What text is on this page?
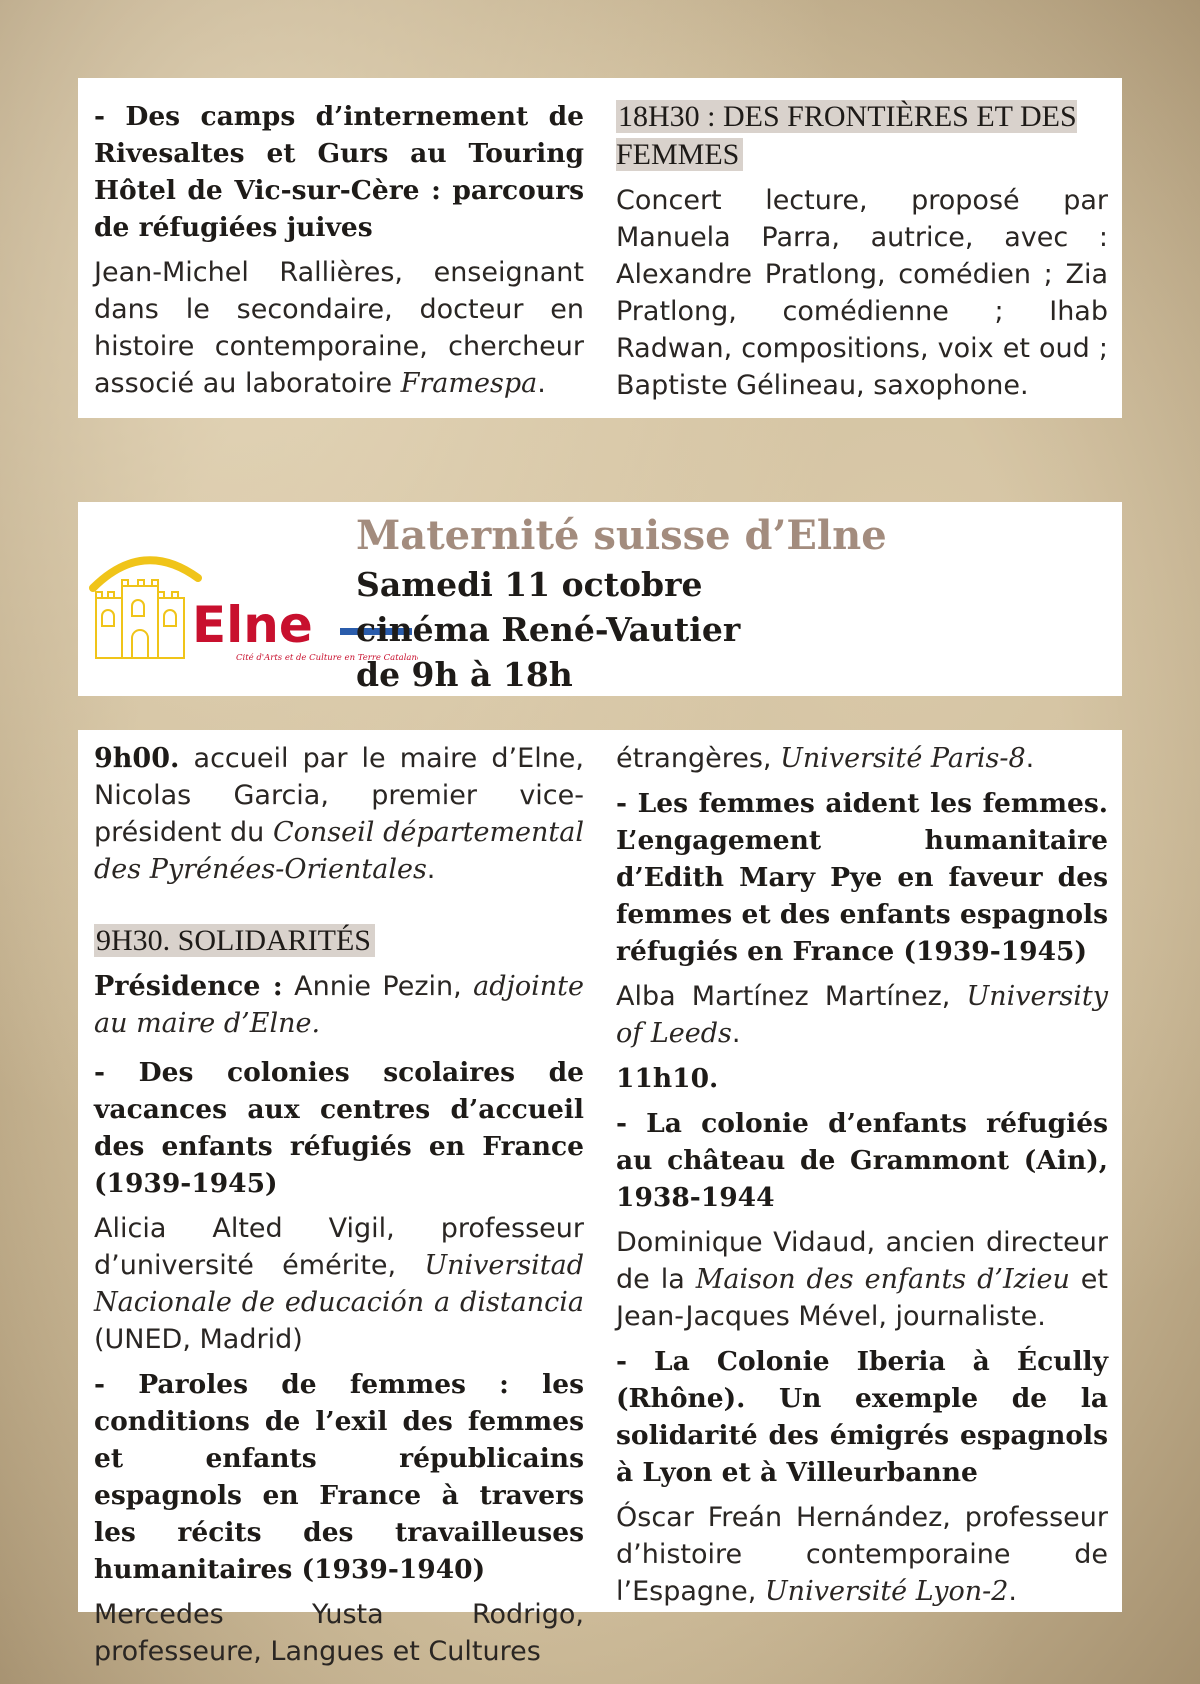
- Des camps d’internement de Rivesaltes et Gurs au Touring Hôtel de Vic-sur-Cère : parcours de réfugiées juives

Jean-Michel Rallières, enseignant dans le secondaire, docteur en histoire contemporaine, chercheur associé au laboratoire Framespa.

18H30 : DES FRONTIÈRES ET DES FEMMES

Concert lecture, proposé par Manuela Parra, autrice, avec : Alexandre Pratlong, comédien ; Zia Pratlong, comédienne ; Ihab Radwan, compositions, voix et oud ; Baptiste Gélineau, saxophone.

Elne
Cité d'Arts et de Culture en Terre Catalane
Maternité suisse d’Elne
Samedi 11 octobre
cinéma René-Vautier
de 9h à 18h

9h00. accueil par le maire d’Elne, Nicolas Garcia, premier vice-président du Conseil départemental des Pyrénées-Orientales.

9H30. SOLIDARITÉS

Présidence : Annie Pezin, adjointe au maire d’Elne.

- Des colonies scolaires de vacances aux centres d’accueil des enfants réfugiés en France (1939-1945)

Alicia Alted Vigil, professeur d’université émérite, Universitad Nacionale de educación a distancia (UNED, Madrid)

- Paroles de femmes : les conditions de l’exil des femmes et enfants républicains espagnols en France à travers les récits des travailleuses humanitaires (1939-1940)

Mercedes Yusta Rodrigo, professeure, Langues et Cultures

étrangères, Université Paris-8.

- Les femmes aident les femmes. L’engagement humanitaire d’Edith Mary Pye en faveur des femmes et des enfants espagnols réfugiés en France (1939-1945)

Alba Martínez Martínez, University of Leeds.

11h10.

- La colonie d’enfants réfugiés au château de Grammont (Ain), 1938-1944

Dominique Vidaud, ancien directeur de la Maison des enfants d’Izieu et Jean-Jacques Mével, journaliste.

- La Colonie Iberia à Écully (Rhône). Un exemple de la solidarité des émigrés espagnols à Lyon et à Villeurbanne

Óscar Freán Hernández, professeur d’histoire contemporaine de l’Espagne, Université Lyon-2.
